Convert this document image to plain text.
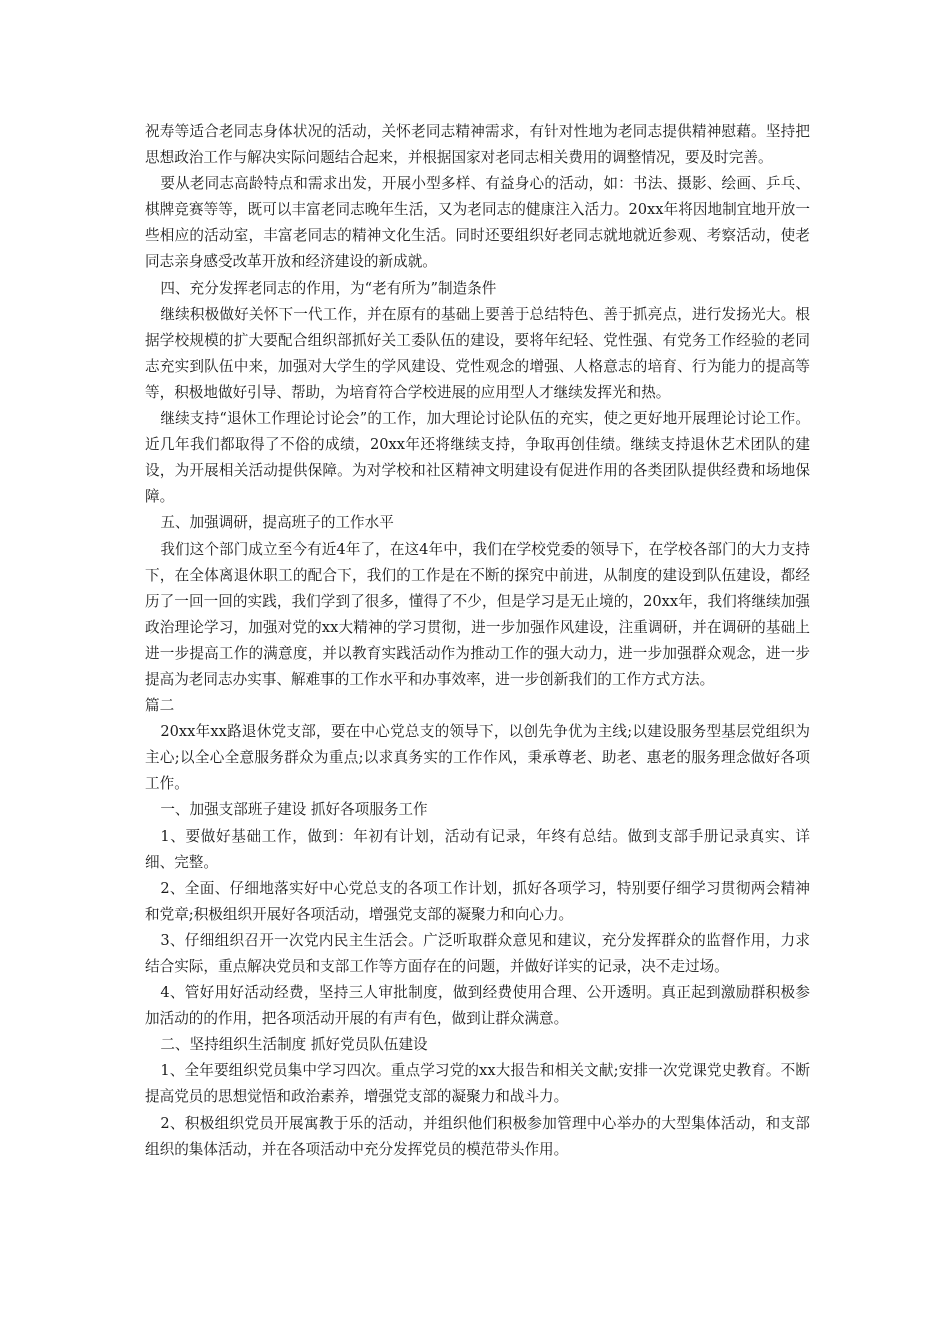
祝寿等适合老同志身体状况的活动，关怀老同志精神需求，有针对性地为老同志提供精神慰藉。坚持把思想政治工作与解决实际问题结合起来，并根据国家对老同志相关费用的调整情况，要及时完善。

要从老同志高龄特点和需求出发，开展小型多样、有益身心的活动，如：书法、摄影、绘画、乒乓、棋牌竞赛等等，既可以丰富老同志晚年生活，又为老同志的健康注入活力。20xx年将因地制宜地开放一些相应的活动室，丰富老同志的精神文化生活。同时还要组织好老同志就地就近参观、考察活动，使老同志亲身感受改革开放和经济建设的新成就。

四、充分发挥老同志的作用，为“老有所为”制造条件

继续积极做好关怀下一代工作，并在原有的基础上要善于总结特色、善于抓亮点，进行发扬光大。根据学校规模的扩大要配合组织部抓好关工委队伍的建设，要将年纪轻、党性强、有党务工作经验的老同志充实到队伍中来，加强对大学生的学风建设、党性观念的增强、人格意志的培育、行为能力的提高等等，积极地做好引导、帮助，为培育符合学校进展的应用型人才继续发挥光和热。

继续支持“退休工作理论讨论会”的工作，加大理论讨论队伍的充实，使之更好地开展理论讨论工作。近几年我们都取得了不俗的成绩，20xx年还将继续支持，争取再创佳绩。继续支持退休艺术团队的建设，为开展相关活动提供保障。为对学校和社区精神文明建设有促进作用的各类团队提供经费和场地保障。

五、加强调研，提高班子的工作水平

我们这个部门成立至今有近4年了，在这4年中，我们在学校党委的领导下，在学校各部门的大力支持下，在全体离退休职工的配合下，我们的工作是在不断的探究中前进，从制度的建设到队伍建设，都经历了一回一回的实践，我们学到了很多，懂得了不少，但是学习是无止境的，20xx年，我们将继续加强政治理论学习，加强对党的xx大精神的学习贯彻，进一步加强作风建设，注重调研，并在调研的基础上进一步提高工作的满意度，并以教育实践活动作为推动工作的强大动力，进一步加强群众观念，进一步提高为老同志办实事、解难事的工作水平和办事效率，进一步创新我们的工作方式方法。

篇二

20xx年xx路退休党支部，要在中心党总支的领导下，以创先争优为主线;以建设服务型基层党组织为主心;以全心全意服务群众为重点;以求真务实的工作作风，秉承尊老、助老、惠老的服务理念做好各项工作。

一、加强支部班子建设 抓好各项服务工作

1、要做好基础工作，做到：年初有计划，活动有记录，年终有总结。做到支部手册记录真实、详细、完整。

2、全面、仔细地落实好中心党总支的各项工作计划，抓好各项学习，特别要仔细学习贯彻两会精神和党章;积极组织开展好各项活动，增强党支部的凝聚力和向心力。

3、仔细组织召开一次党内民主生活会。广泛听取群众意见和建议，充分发挥群众的监督作用，力求结合实际，重点解决党员和支部工作等方面存在的问题，并做好详实的记录，决不走过场。

4、管好用好活动经费，坚持三人审批制度，做到经费使用合理、公开透明。真正起到激励群积极参加活动的的作用，把各项活动开展的有声有色，做到让群众满意。

二、坚持组织生活制度 抓好党员队伍建设

1、全年要组织党员集中学习四次。重点学习党的xx大报告和相关文献;安排一次党课党史教育。不断提高党员的思想觉悟和政治素养，增强党支部的凝聚力和战斗力。

2、积极组织党员开展寓教于乐的活动，并组织他们积极参加管理中心举办的大型集体活动，和支部组织的集体活动，并在各项活动中充分发挥党员的模范带头作用。
